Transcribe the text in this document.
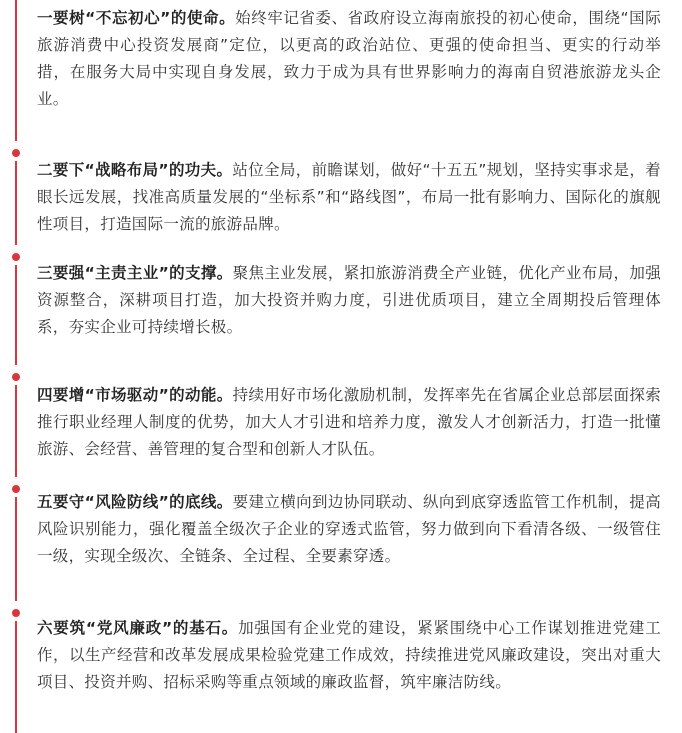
一要树“不忘初心”的使命。始终牢记省委、省政府设立海南旅投的初心使命，围绕“国际旅游消费中心投资发展商”定位，以更高的政治站位、更强的使命担当、更实的行动举措，在服务大局中实现自身发展，致力于成为具有世界影响力的海南自贸港旅游龙头企业。

二要下“战略布局”的功夫。站位全局，前瞻谋划，做好“十五五”规划，坚持实事求是，着眼长远发展，找准高质量发展的“坐标系”和“路线图”，布局一批有影响力、国际化的旗舰性项目，打造国际一流的旅游品牌。

三要强“主责主业”的支撑。聚焦主业发展，紧扣旅游消费全产业链，优化产业布局，加强资源整合，深耕项目打造，加大投资并购力度，引进优质项目，建立全周期投后管理体系，夯实企业可持续增长极。

四要增“市场驱动”的动能。持续用好市场化激励机制，发挥率先在省属企业总部层面探索推行职业经理人制度的优势，加大人才引进和培养力度，激发人才创新活力，打造一批懂旅游、会经营、善管理的复合型和创新人才队伍。

五要守“风险防线”的底线。要建立横向到边协同联动、纵向到底穿透监管工作机制，提高风险识别能力，强化覆盖全级次子企业的穿透式监管，努力做到向下看清各级、一级管住一级，实现全级次、全链条、全过程、全要素穿透。

六要筑“党风廉政”的基石。加强国有企业党的建设，紧紧围绕中心工作谋划推进党建工作，以生产经营和改革发展成果检验党建工作成效，持续推进党风廉政建设，突出对重大项目、投资并购、招标采购等重点领域的廉政监督，筑牢廉洁防线。
